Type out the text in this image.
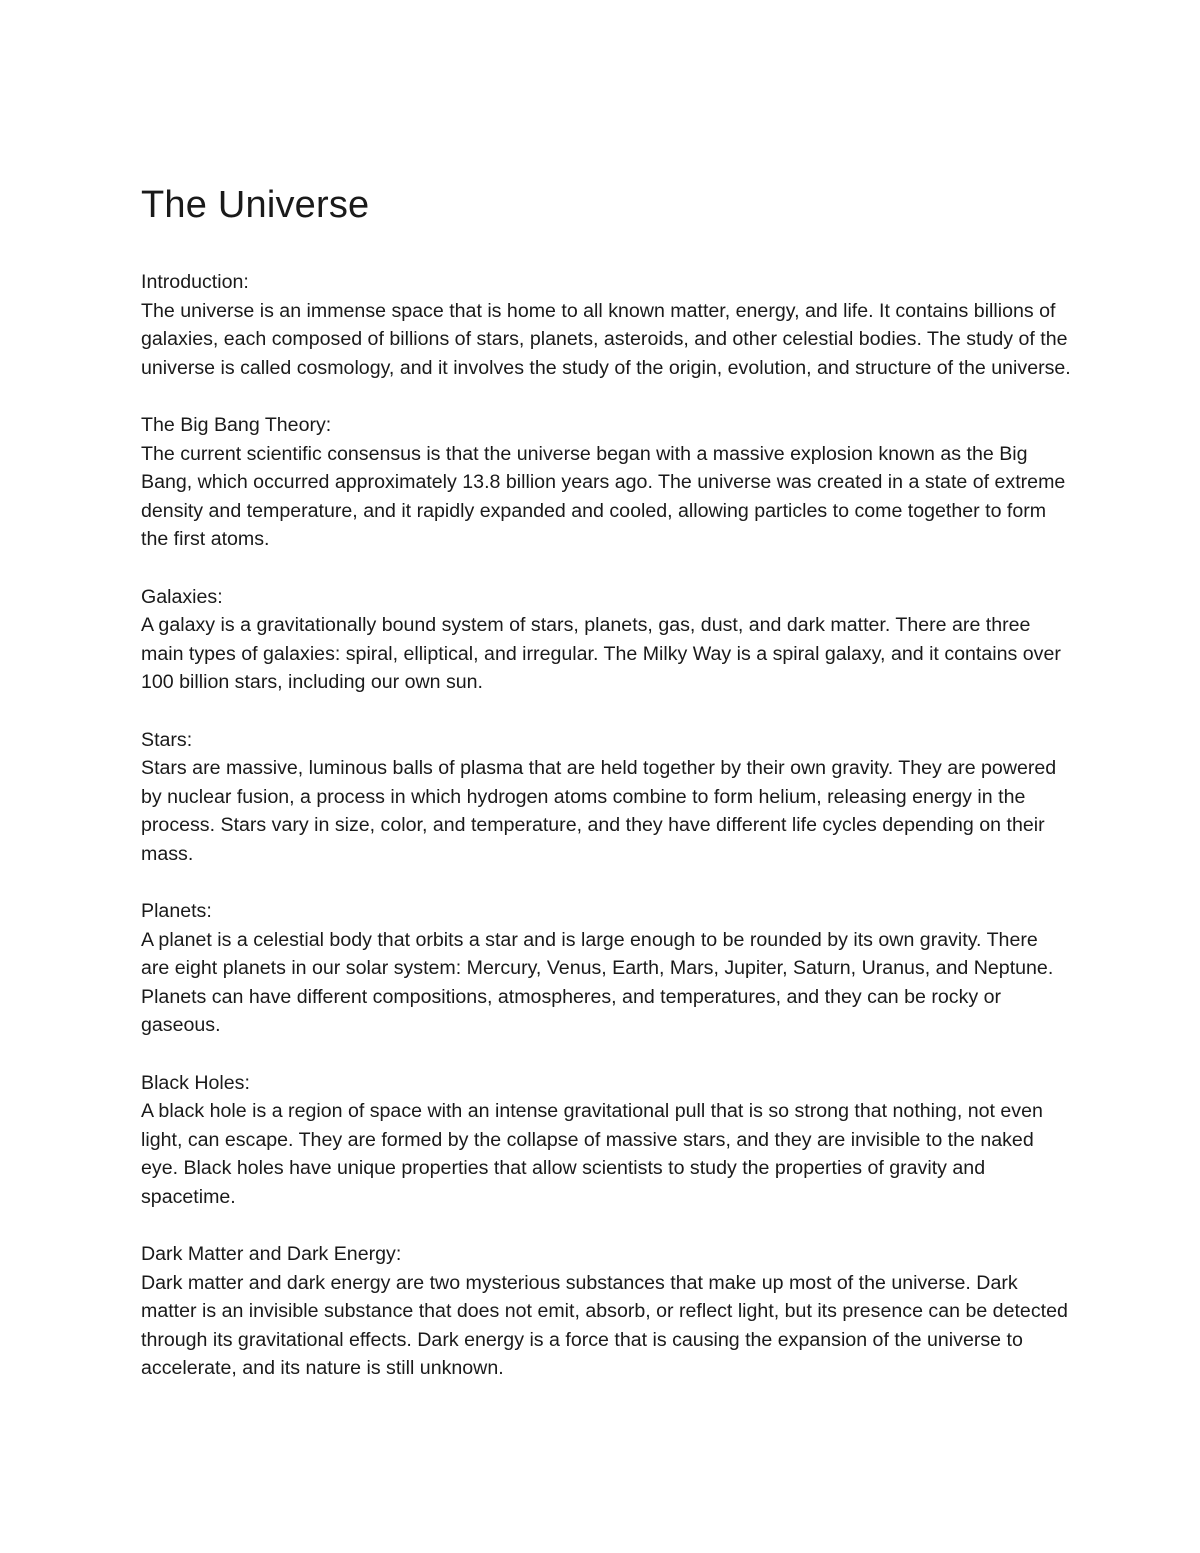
The Universe

Introduction:

The universe is an immense space that is home to all known matter, energy, and life. It contains billions of galaxies, each composed of billions of stars, planets, asteroids, and other celestial bodies. The study of the universe is called cosmology, and it involves the study of the origin, evolution, and structure of the universe.

The Big Bang Theory:

The current scientific consensus is that the universe began with a massive explosion known as the Big Bang, which occurred approximately 13.8 billion years ago. The universe was created in a state of extreme density and temperature, and it rapidly expanded and cooled, allowing particles to come together to form the first atoms.

Galaxies:

A galaxy is a gravitationally bound system of stars, planets, gas, dust, and dark matter. There are three main types of galaxies: spiral, elliptical, and irregular. The Milky Way is a spiral galaxy, and it contains over 100 billion stars, including our own sun.

Stars:

Stars are massive, luminous balls of plasma that are held together by their own gravity. They are powered by nuclear fusion, a process in which hydrogen atoms combine to form helium, releasing energy in the process. Stars vary in size, color, and temperature, and they have different life cycles depending on their mass.

Planets:

A planet is a celestial body that orbits a star and is large enough to be rounded by its own gravity. There are eight planets in our solar system: Mercury, Venus, Earth, Mars, Jupiter, Saturn, Uranus, and Neptune. Planets can have different compositions, atmospheres, and temperatures, and they can be rocky or gaseous.

Black Holes:

A black hole is a region of space with an intense gravitational pull that is so strong that nothing, not even light, can escape. They are formed by the collapse of massive stars, and they are invisible to the naked eye. Black holes have unique properties that allow scientists to study the properties of gravity and spacetime.

Dark Matter and Dark Energy:

Dark matter and dark energy are two mysterious substances that make up most of the universe. Dark matter is an invisible substance that does not emit, absorb, or reflect light, but its presence can be detected through its gravitational effects. Dark energy is a force that is causing the expansion of the universe to accelerate, and its nature is still unknown.
